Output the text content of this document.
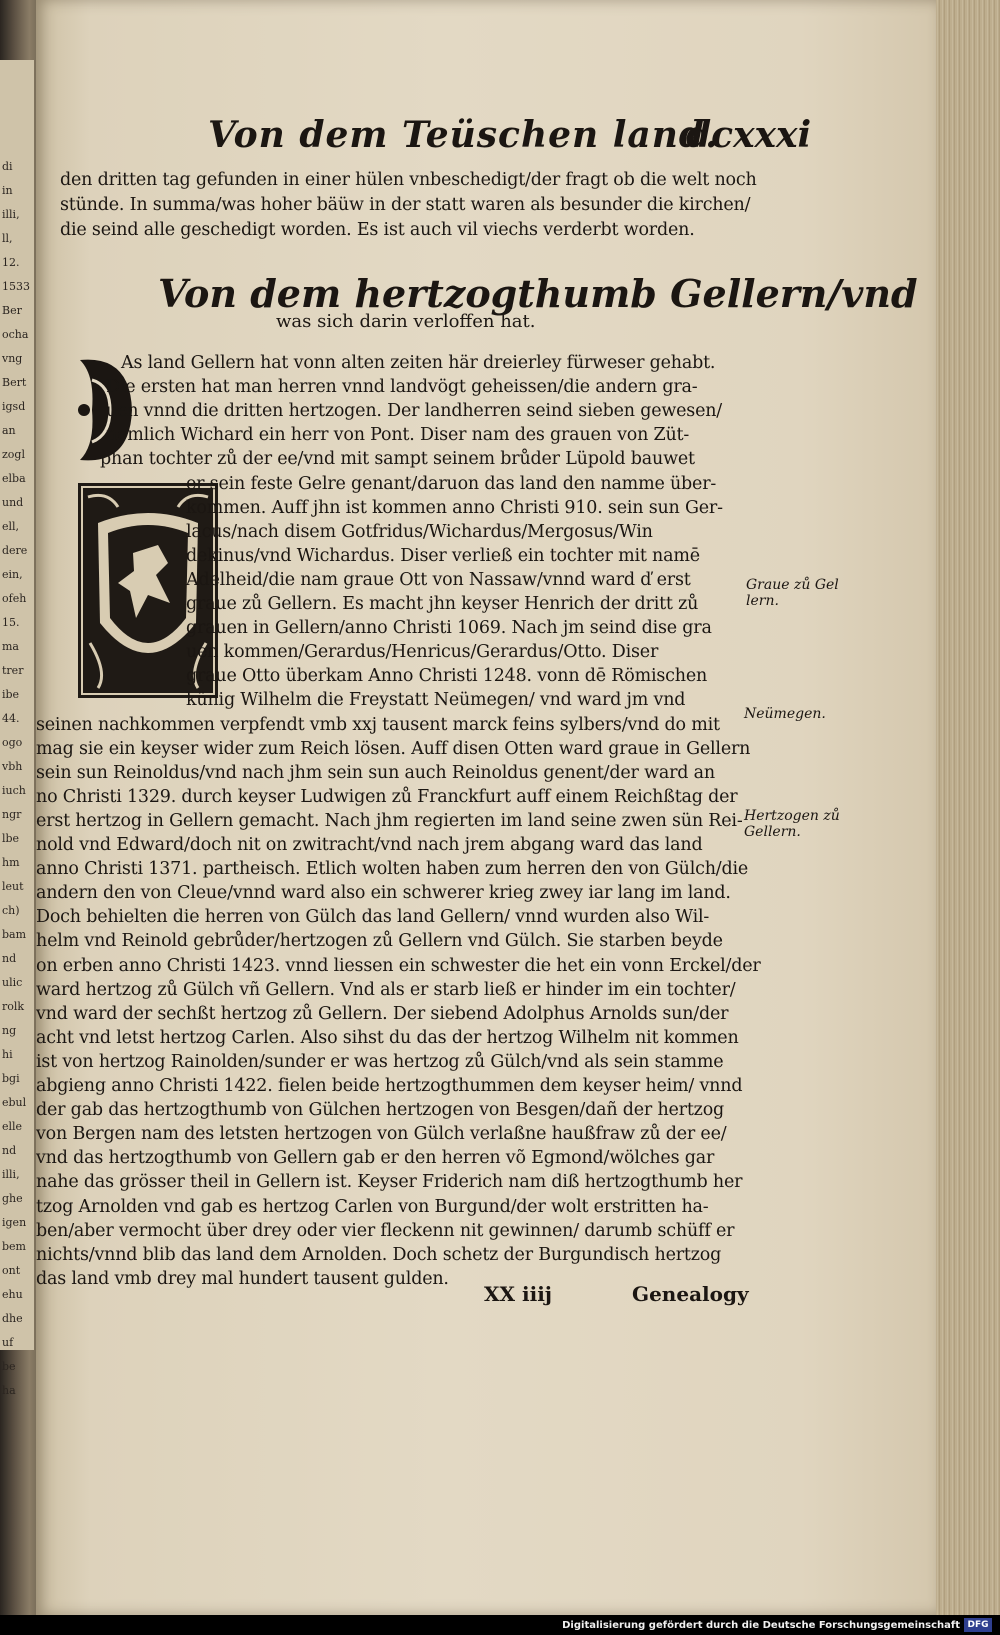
di
in
illi,
ll,
12.
1533
Ber
ocha
vng
Bert
igsd
an
zogl
elba
und
ell,
dere
ein,
ofeh
15.
ma
trer
ibe
44.
ogo
vbh
iuch
ngr
lbe
hm
leut
ch)
bam
nd
ulic
rolk
ng
hi
bgi
ebul
elle
nd
illi,
ghe
igen
bem
ont
ehu
dhe
uf
be
ha
Von dem Teüschen land.
dcxxxi
den dritten tag gefunden in einer hülen vnbeschedigt/der fragt ob die welt noch
stünde. In summa/was hoher bäüw in der statt waren als besunder die kirchen/
die seind alle geschedigt worden. Es ist auch vil viechs verderbt worden.
Von dem hertzogthumb Gellern/vnd
was sich darin verloffen hat.
As land Gellern hat vonn alten zeiten här dreierley fürweser gehabt.
Die ersten hat man herren vnnd landvögt geheissen/die andern gra-
uen vnnd die dritten hertzogen. Der landherren seind sieben gewesen/
nemlich Wichard ein herr von Pont. Diser nam des grauen von Züt-
phan tochter zů der ee/vnd mit sampt seinem brůder Lüpold bauwet
er sein feste Gelre genant/daruon das land den namme über-
kommen. Auff jhn ist kommen anno Christi 910. sein sun Ger-
lacus/nach disem Gotfridus/Wichardus/Mergosus/Win
dekinus/vnd Wichardus. Diser verließ ein tochter mit namē
Adelheid/die nam graue Ott von Nassaw/vnnd ward ď erst
graue zů Gellern. Es macht jhn keyser Henrich der dritt zů
grauen in Gellern/anno Christi 1069. Nach jm seind dise gra
uen kommen/Gerardus/Henricus/Gerardus/Otto. Diser
graue Otto überkam Anno Christi 1248. vonn dē Römischen
künig Wilhelm die Freystatt Neümegen/ vnd ward jm vnd
seinen nachkommen verpfendt vmb xxj tausent marck feins sylbers/vnd do mit
mag sie ein keyser wider zum Reich lösen. Auff disen Otten ward graue in Gellern
sein sun Reinoldus/vnd nach jhm sein sun auch Reinoldus genent/der ward an
no Christi 1329. durch keyser Ludwigen zů Franckfurt auff einem Reichßtag der
erst hertzog in Gellern gemacht. Nach jhm regierten im land seine zwen sün Rei-
nold vnd Edward/doch nit on zwitracht/vnd nach jrem abgang ward das land
anno Christi 1371. partheisch. Etlich wolten haben zum herren den von Gülch/die
andern den von Cleue/vnnd ward also ein schwerer krieg zwey iar lang im land.
Doch behielten die herren von Gülch das land Gellern/ vnnd wurden also Wil-
helm vnd Reinold gebrůder/hertzogen zů Gellern vnd Gülch. Sie starben beyde
on erben anno Christi 1423. vnnd liessen ein schwester die het ein vonn Erckel/der
ward hertzog zů Gülch vñ Gellern. Vnd als er starb ließ er hinder im ein tochter/
vnd ward der sechßt hertzog zů Gellern. Der siebend Adolphus Arnolds sun/der
acht vnd letst hertzog Carlen. Also sihst du das der hertzog Wilhelm nit kommen
ist von hertzog Rainolden/sunder er was hertzog zů Gülch/vnd als sein stamme
abgieng anno Christi 1422. fielen beide hertzogthummen dem keyser heim/ vnnd
der gab das hertzogthumb von Gülchen hertzogen von Besgen/dañ der hertzog
von Bergen nam des letsten hertzogen von Gülch verlaßne haußfraw zů der ee/
vnd das hertzogthumb von Gellern gab er den herren võ Egmond/wölches gar
nahe das grösser theil in Gellern ist. Keyser Friderich nam diß hertzogthumb her
tzog Arnolden vnd gab es hertzog Carlen von Burgund/der wolt erstritten ha-
ben/aber vermocht über drey oder vier fleckenn nit gewinnen/ darumb schüff er
nichts/vnnd blib das land dem Arnolden. Doch schetz der Burgundisch hertzog
das land vmb drey mal hundert tausent gulden.
Graue zů Gel
lern.
Neümegen.
Hertzogen zů
Gellern.
XX iiij	Genealogy
Digitalisierung gefördert durch die Deutsche Forschungsgemeinschaft DFG
